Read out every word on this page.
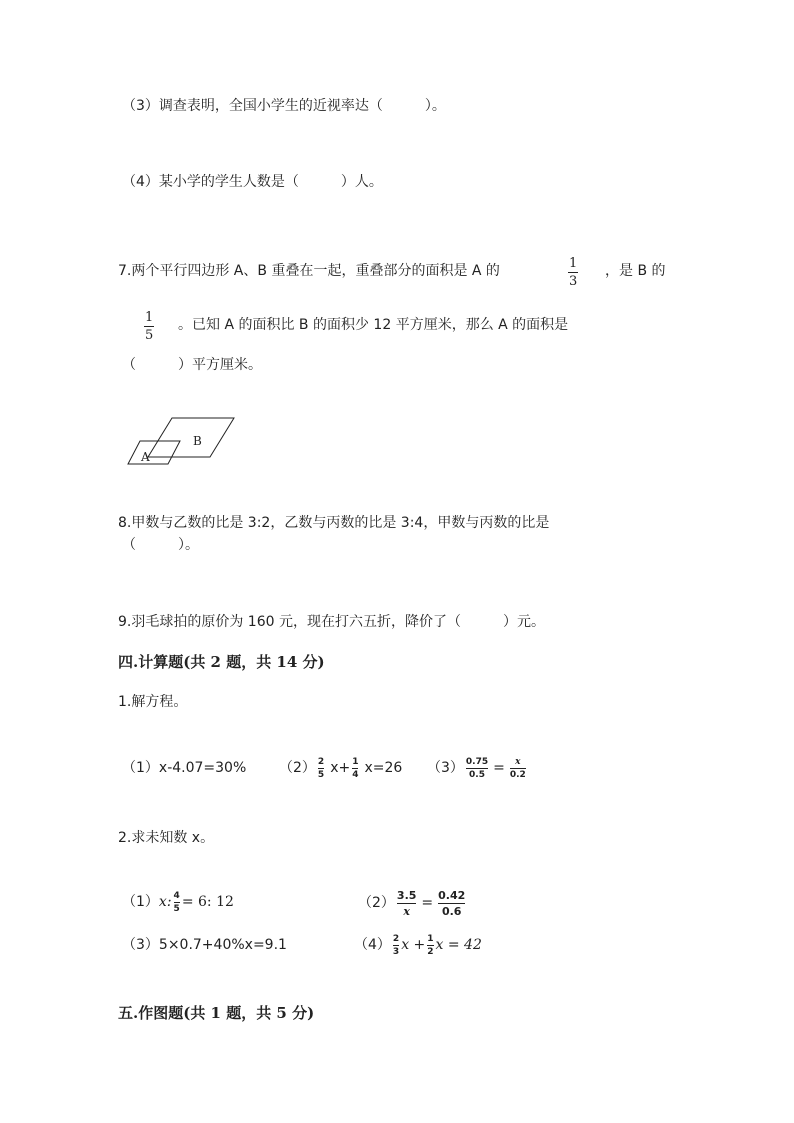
（3）调查表明，全国小学生的近视率达（　　　）。
（4）某小学的学生人数是（　　　）人。
7.两个平行四边形 A、B 重叠在一起，重叠部分的面积是 A 的	1
3
，是 B 的
1
5
。已知 A 的面积比 B 的面积少 12 平方厘米，那么 A 的面积是
（　　　）平方厘米。
B
A
8.甲数与乙数的比是 3:2，乙数与丙数的比是 3:4，甲数与丙数的比是
（　　　）。
9.羽毛球拍的原价为 160 元，现在打六五折，降价了（　　　）元。
四.计算题(共 2 题，共 14 分)
1.解方程。
（1）x-4.07=30% （2） 2
5 x+ 1
4 x=26 （3） 0.75
0.5 = x
0.2
2.求未知数 x。
（1） x: 4
5 = 6: 12	（2） 3.5
x = 0.42
0.6
（3）5×0.7+40%x=9.1	（4） 2
3 x + 1
2 x = 42
五.作图题(共 1 题，共 5 分)
